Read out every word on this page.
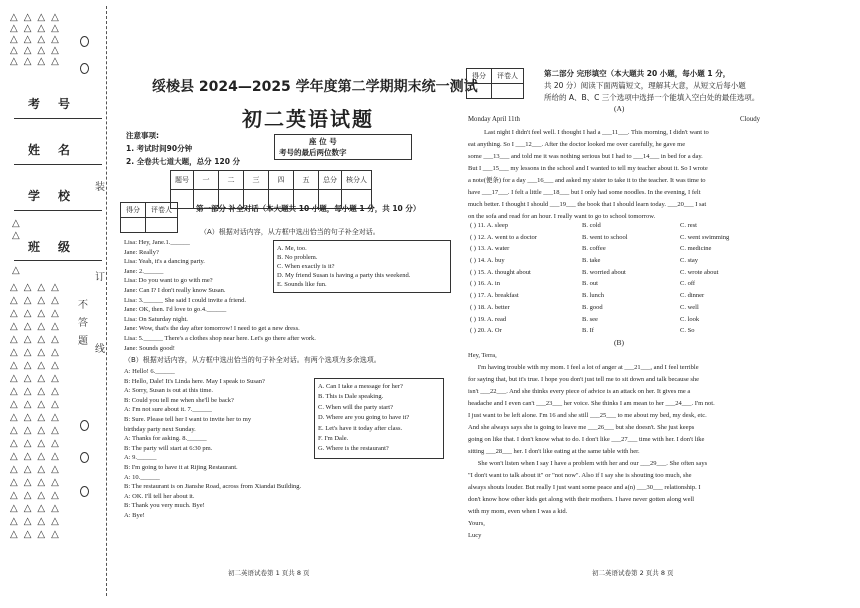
△△△△
△△△△
△△△△
△△△△
△△△△
考号
姓名
学校
班级
△
△
△
△△△△
△△△△
△△△△
△△△△
△△△△
△△△△
△△△△
△△△△
△△△△
△△△△
△△△△
△△△△
△△△△
△△△△
△△△△
△△△△
△△△△
△△△△
△△△△
△△△△
不
答
题
装
订
线
绥棱县 2024—2025 学年度第二学期期末统一测试
初二英语试题
注意事项:
1. 考试时间90分钟
2. 全卷共七道大题，总分 120 分
座 位 号
考号的最后两位数字
题号	一	二	三	四	五	总分	核分人

得分	评卷人
		第一部分 补全对话（本大题共 10 小题，每小题 1 分，共 10 分）
（A）根据对话内容，从方框中选出恰当的句子补全对话。
Lisa: Hey, Jane.1.______
Jane: Really?
Lisa: Yeah, it's a dancing party.
Jane: 2.______
Lisa: Do you want to go with me?
Jane: Can I? I don't really know Susan.
Lisa: 3.______ She said I could invite a friend.
Jane: OK, then. I'd love to go.4.______
Lisa: On Saturday night.
Jane: Wow, that's the day after tomorrow! I need to get a new dress.
Lisa: 5.______ There's a clothes shop near here. Let's go there after work.
Jane: Sounds good!
A. Me, too.
B. No problem.
C. When exactly is it?
D. My friend Susan is having a party this weekend.
E. Sounds like fun.
（B）根据对话内容，从方框中选出恰当的句子补全对话。有两个选项为多余选项。
A: Hello! 6.______
B: Hello, Dale! It's Linda here. May I speak to Susan?
A: Sorry, Susan is out at this time.
B: Could you tell me when she'll be back?
A: I'm not sure about it. 7.______
B: Sure. Please tell her I want to invite her to my
birthday party next Sunday.
A: Thanks for asking. 8.______
B: The party will start at 6:30 pm.
A: 9.______
B: I'm going to have it at Rijing Restaurant.
A: 10.______
B: The restaurant is on Jianshe Road, across from Xiandai Building.
A: OK. I'll tell her about it.
B: Thank you very much. Bye!
A: Bye!
A. Can I take a message for her?
B. This is Dale speaking.
C. When will the party start?
D. Where are you going to have it?
E. Let's have it today after class.
F. I'm Dale.
G. Where is the restaurant?
初二英语试卷第 1 页共 8 页
得分	评卷人
		第二部分 完形填空（本大题共 20 小题，每小题 1 分，
共 20 分）阅读下面两篇短文，理解其大意，从短文后每小题
所给的 A、B、C 三个选项中选择一个能填入空白处的最佳选项。
(A)
Monday April 11th	Cloudy
Last night I didn't feel well. I thought I had a ___11___. This morning, I didn't want to
eat anything. So I ___12___. After the doctor looked me over carefully, he gave me
some ___13___ and told me it was nothing serious but I had to ___14___ in bed for a day.
But I ___15___ my lessons in the school and I wanted to tell my teacher about it. So I wrote
a note(便条) for a day ___16___ and asked my sister to take it to the teacher. It was time to
have ___17___. I felt a little ___18___ but I only had some noodles. In the evening, I felt
much better. I thought I should ___19___ the book that I should learn today. ___20___ I sat
on the sofa and read for an hour. I really want to go to school tomorrow.
( ) 11. A. sleep	B. cold	C. rest
( ) 12. A. went to a doctor	B. went to school	C. went swimming
( ) 13. A. water	B. coffee	C. medicine
( ) 14. A. buy	B. take	C. stay
( ) 15. A. thought about	B. worried about	C. wrote about
( ) 16. A. in	B. out	C. off
( ) 17. A. breakfast	B. lunch	C. dinner
( ) 18. A. better	B. good	C. well
( ) 19. A. read	B. see	C. look
( ) 20. A. Or	B. If	C. So
(B)
Hey, Terra,
I'm having trouble with my mom. I feel a lot of anger at ___21___, and I feel terrible
for saying that, but it's true. I hope you don't just tell me to sit down and talk because she
isn't ___22___. And she thinks every piece of advice is an attack on her. It gives me a
headache and I even can't ___23___ her voice. She thinks I am mean to her ___24___. I'm not.
I just want to be left alone. I'm 16 and she still ___25___ to me about my bed, my desk, etc.
And she always says she is going to leave me ___26___ but she doesn't. She just keeps
going on like that. I don't know what to do. I don't like ___27___ time with her. I don't like
sitting ___28___ her. I don't like eating at the same table with her.
She won't listen when I say I have a problem with her and our ___29___. She often says
"I don't want to talk about it" or "not now". Also if I say she is shouting too much, she
always shouts louder. But really I just want some peace and a(n) ___30___ relationship. I
don't know how other kids get along with their mothers. I have never gotten along well
with my mom, even when I was a kid.
Yours,
Lucy
初二英语试卷第 2 页共 8 页
